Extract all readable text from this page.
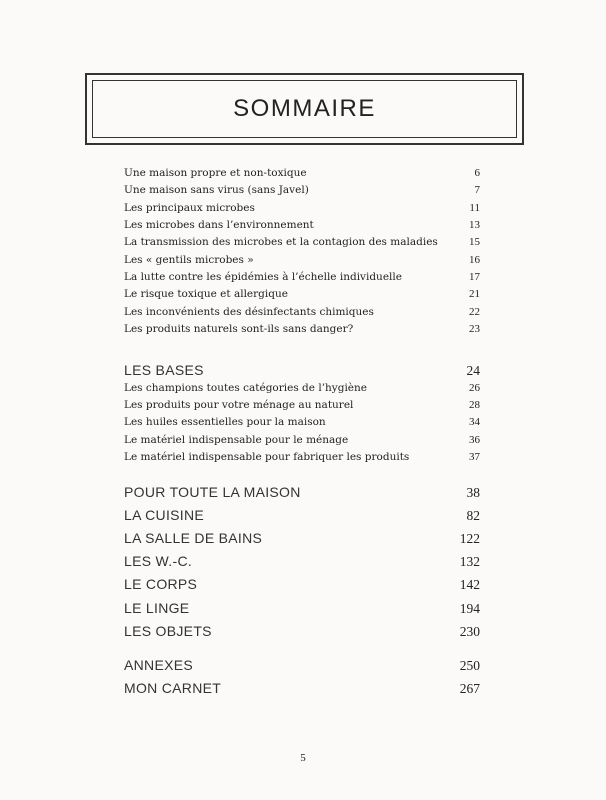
SOMMAIRE
Une maison propre et non-toxique	6
Une maison sans virus (sans Javel)	7
Les principaux microbes	11
Les microbes dans l’environnement	13
La transmission des microbes et la contagion des maladies	15
Les « gentils microbes »	16
La lutte contre les épidémies à l’échelle individuelle	17
Le risque toxique et allergique	21
Les inconvénients des désinfectants chimiques	22
Les produits naturels sont-ils sans danger?	23
LES BASES	24
Les champions toutes catégories de l’hygiène	26
Les produits pour votre ménage au naturel	28
Les huiles essentielles pour la maison	34
Le matériel indispensable pour le ménage	36
Le matériel indispensable pour fabriquer les produits	37
POUR TOUTE LA MAISON	38
LA CUISINE	82
LA SALLE DE BAINS	122
LES W.-C.	132
LE CORPS	142
LE LINGE	194
LES OBJETS	230
ANNEXES	250
MON CARNET	267
5
